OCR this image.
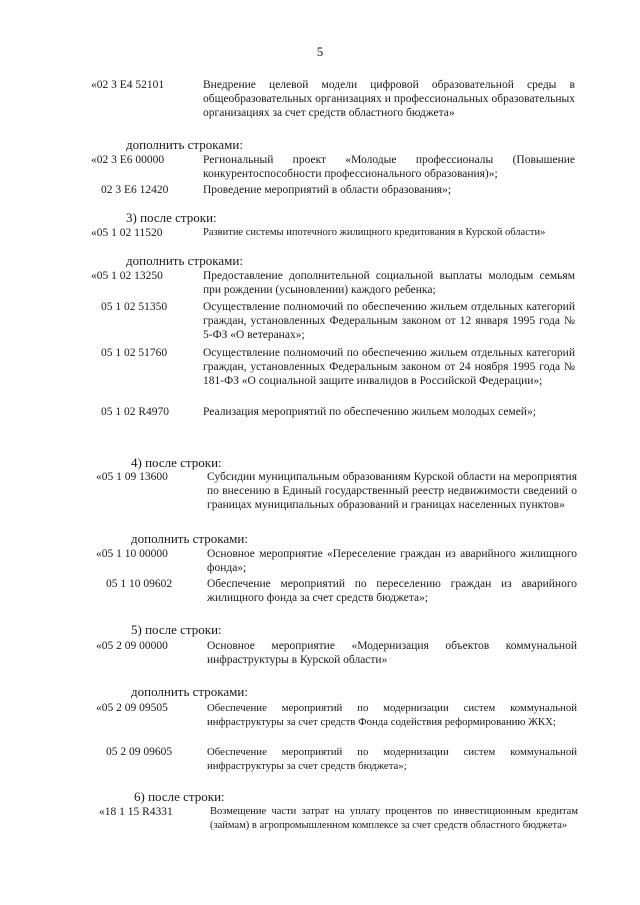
5
«02 3 E4 52101	Внедрение целевой модели цифровой образовательной среды в общеобразовательных организациях и профессиональных образовательных организациях за счет средств областного бюджета»
дополнить строками:
«02 3 E6 00000	Региональный проект «Молодые профессионалы (Повышение конкурентоспособности профессионального образования)»;
02 3 E6 12420	Проведение мероприятий в области образования»;
3) после строки:
«05 1 02 11520	Развитие системы ипотечного жилищного кредитования в Курской области»
дополнить строками:
«05 1 02 13250	Предоставление дополнительной социальной выплаты молодым семьям при рождении (усыновлении) каждого ребенка;
05 1 02 51350	Осуществление полномочий по обеспечению жильем отдельных категорий граждан, установленных Федеральным законом от 12 января 1995 года № 5-ФЗ «О ветеранах»;
05 1 02 51760	Осуществление полномочий по обеспечению жильем отдельных категорий граждан, установленных Федеральным законом от 24 ноября 1995 года № 181-ФЗ «О социальной защите инвалидов в Российской Федерации»;
05 1 02 R4970	Реализация мероприятий по обеспечению жильем молодых семей»;
4) после строки:
«05 1 09 13600	Субсидии муниципальным образованиям Курской области на мероприятия по внесению в Единый государственный реестр недвижимости сведений о границах муниципальных образований и границах населенных пунктов»
дополнить строками:
«05 1 10 00000	Основное мероприятие «Переселение граждан из аварийного жилищного фонда»;
05 1 10 09602	Обеспечение мероприятий по переселению граждан из аварийного жилищного фонда за счет средств бюджета»;
5) после строки:
«05 2 09 00000	Основное мероприятие «Модернизация объектов коммунальной инфраструктуры в Курской области»
дополнить строками:
«05 2 09 09505	Обеспечение мероприятий по модернизации систем коммунальной инфраструктуры за счет средств Фонда содействия реформированию ЖКХ;
05 2 09 09605	Обеспечение мероприятий по модернизации систем коммунальной инфраструктуры за счет средств бюджета»;
6) после строки:
«18 1 15 R4331	Возмещение части затрат на уплату процентов по инвестиционным кредитам (займам) в агропромышленном комплексе за счет средств областного бюджета»
